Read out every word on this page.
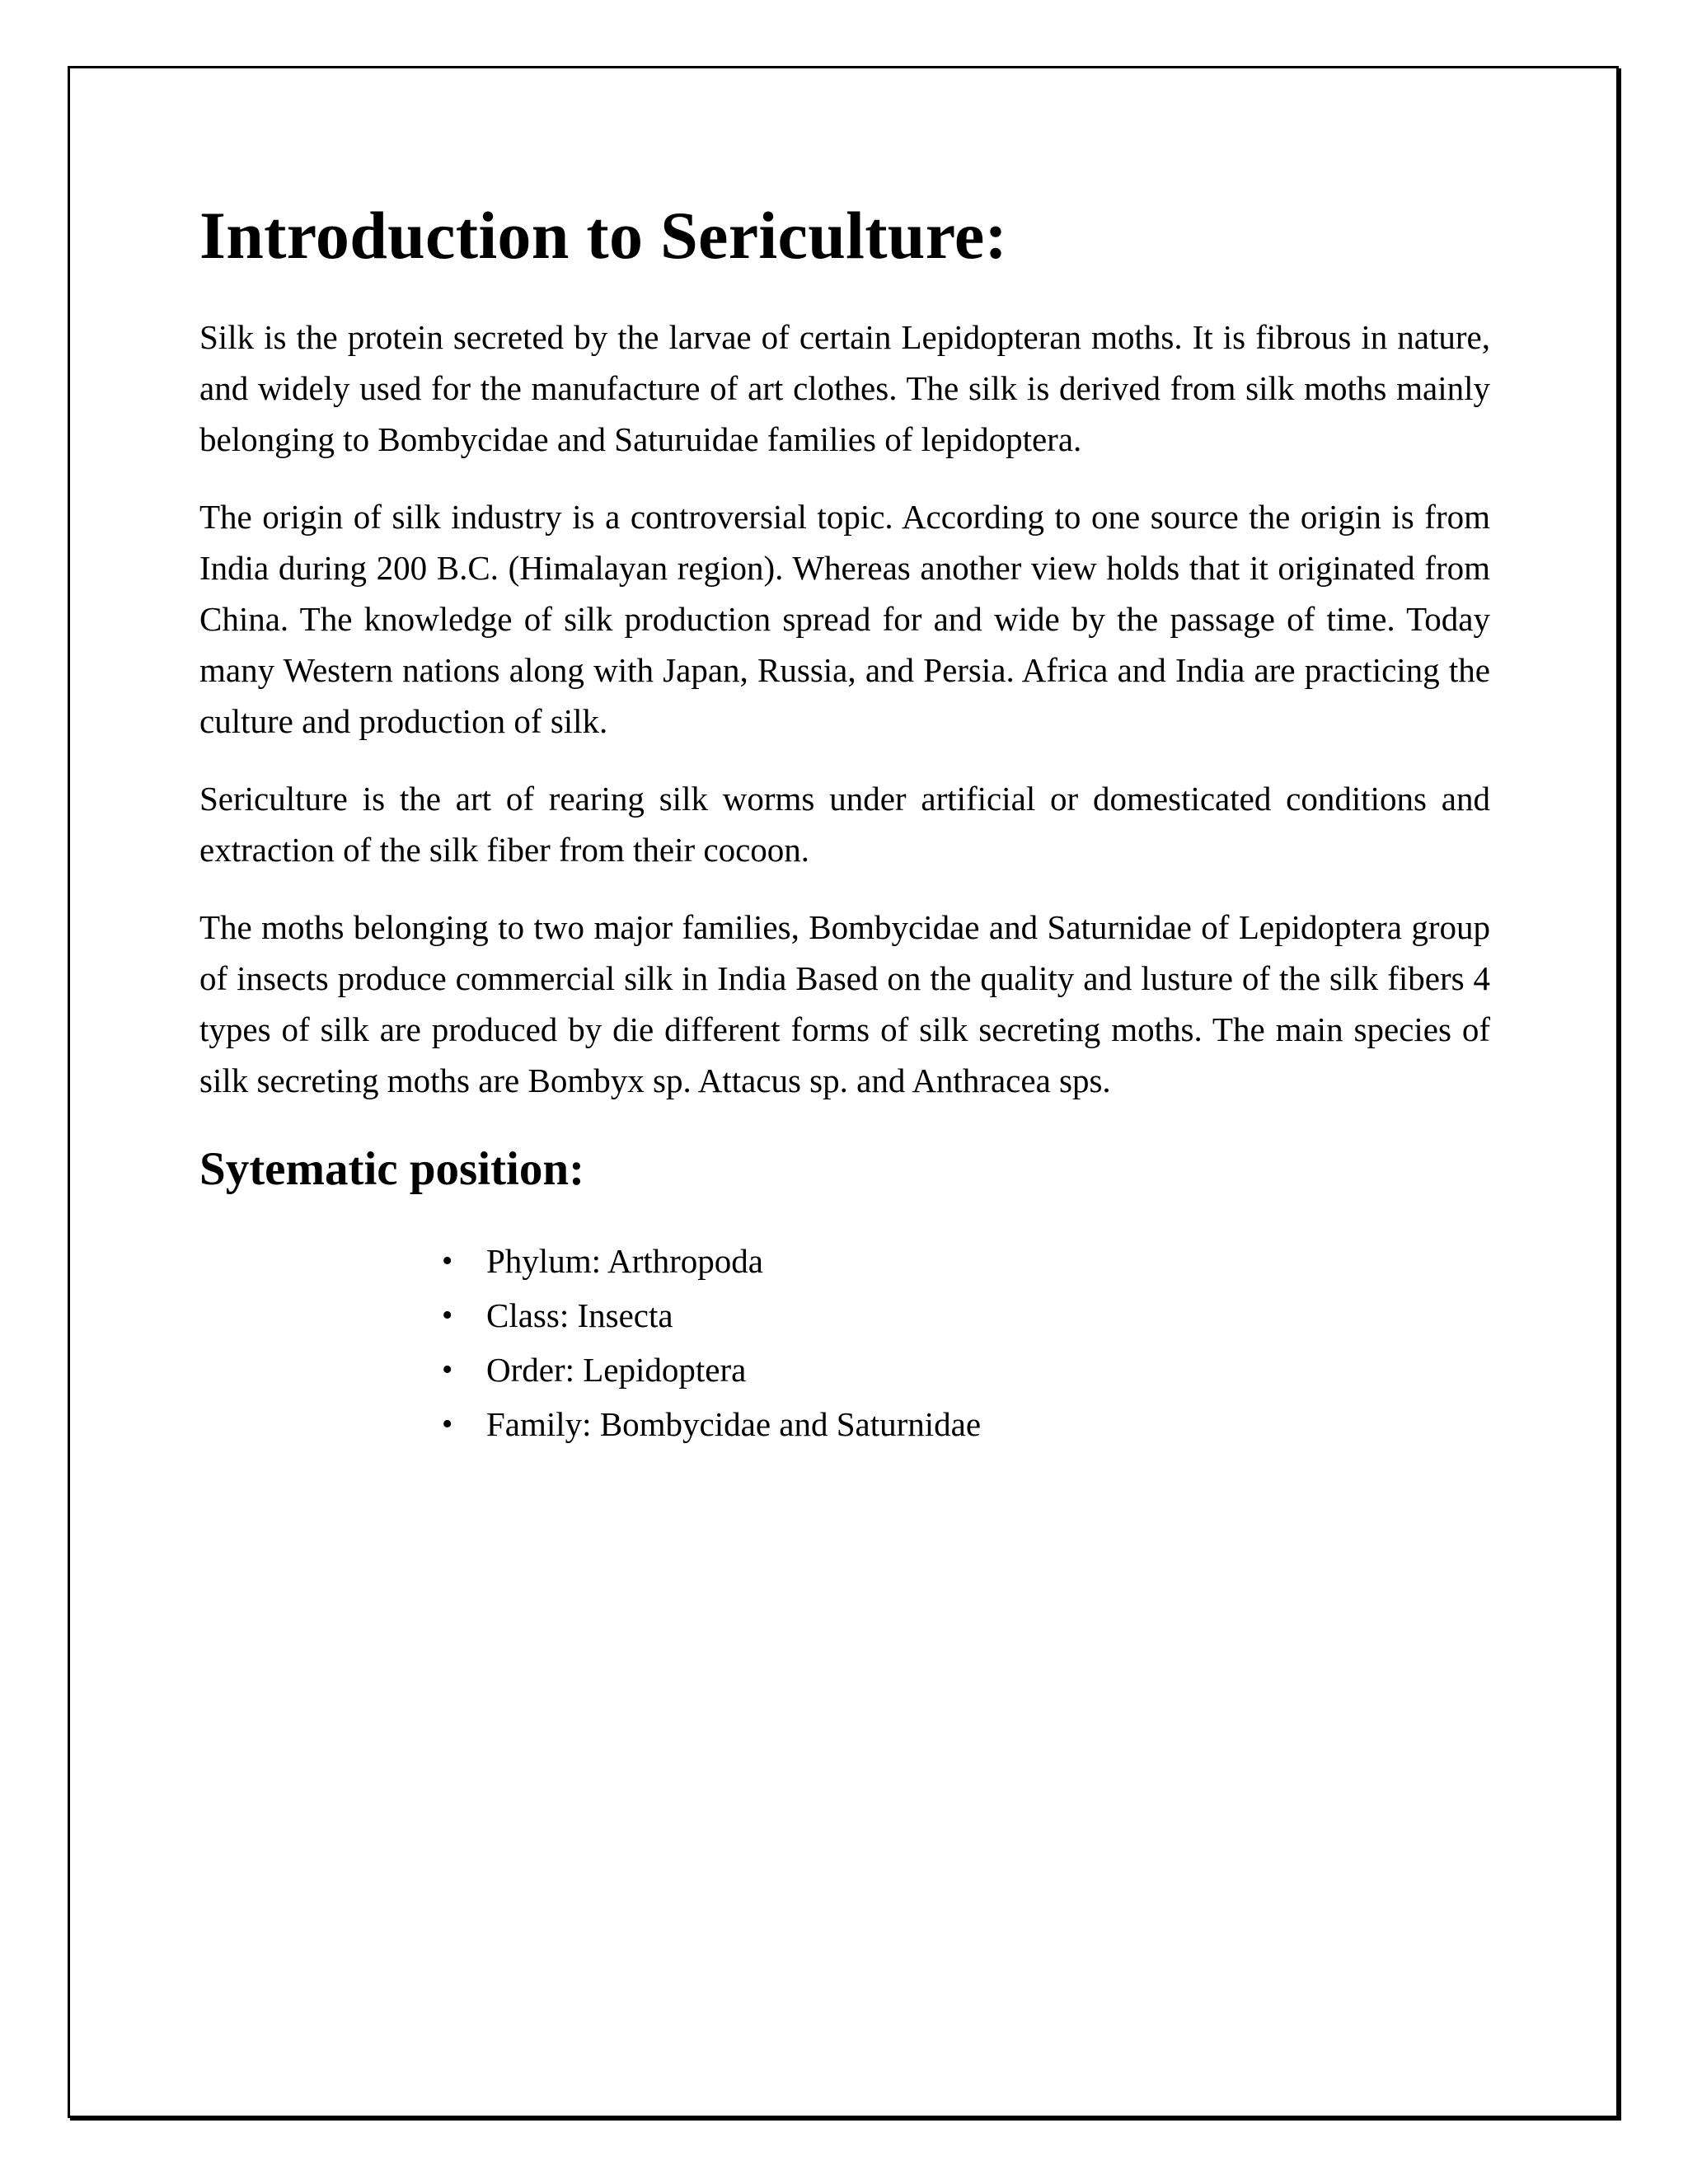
Introduction to Sericulture:

Silk is the protein secreted by the larvae of certain Lepidopteran moths. It is fibrous in nature, and widely used for the manufacture of art clothes. The silk is derived from silk moths mainly belonging to Bombycidae and Saturuidae families of lepidoptera.

The origin of silk industry is a controversial topic. According to one source the origin is from India during 200 B.C. (Himalayan region). Whereas another view holds that it originated from China. The knowledge of silk production spread for and wide by the passage of time. Today many Western nations along with Japan, Russia, and Persia. Africa and India are practicing the culture and production of silk.

Sericulture is the art of rearing silk worms under artificial or domesticated conditions and extraction of the silk fiber from their cocoon.

The moths belonging to two major families, Bombycidae and Saturnidae of Lepidoptera group of insects produce commercial silk in India Based on the quality and lusture of the silk fibers 4 types of silk are produced by die different forms of silk secreting moths. The main species of silk secreting moths are Bombyx sp. Attacus sp. and Anthracea sps.

Sytematic position:
• Phylum: Arthropoda
• Class: Insecta
• Order: Lepidoptera
• Family: Bombycidae and Saturnidae
